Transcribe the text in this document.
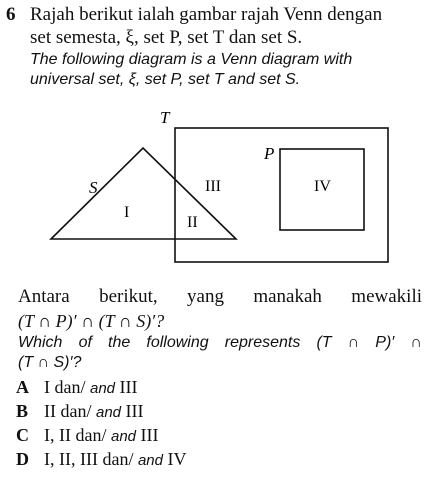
6 Rajah berikut ialah gambar rajah Venn dengan
set semesta, ξ, set P, set T dan set S.
The following diagram is a Venn diagram with
universal set, ξ, set P, set T and set S.
T
P
S
I
II
III	IV
Antara berikut, yang manakah mewakili
(T ∩ P)′ ∩ (T ∩ S)′?
Which of the following represents (T ∩ P)′ ∩
(T ∩ S)′?
A I dan/ and III
B II dan/ and III
C I, II dan/ and III
D I, II, III dan/ and IV
